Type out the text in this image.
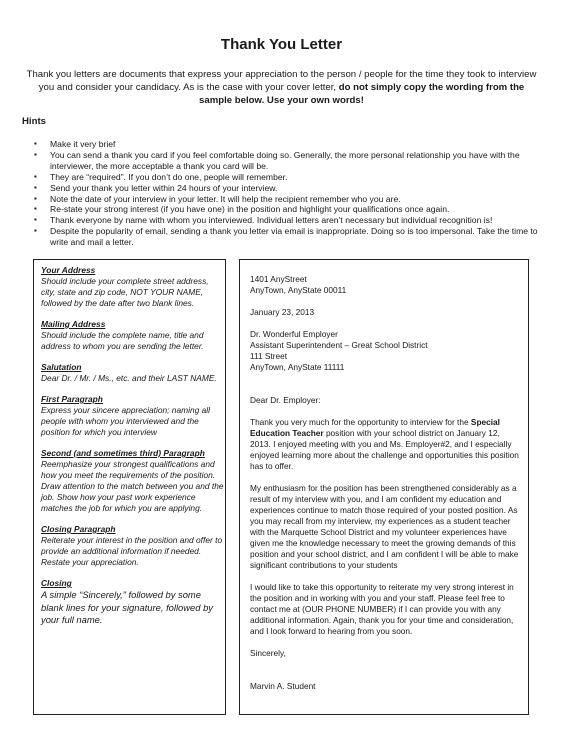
Thank You Letter
Thank you letters are documents that express your appreciation to the person / people for the time they took to interview you and consider your candidacy. As is the case with your cover letter, do not simply copy the wording from the sample below. Use your own words!
Hints
▪ Make it very brief
▪ You can send a thank you card if you feel comfortable doing so. Generally, the more personal relationship you have with the interviewer, the more acceptable a thank you card will be.
▪ They are “required”. If you don’t do one, people will remember.
▪ Send your thank you letter within 24 hours of your interview.
▪ Note the date of your interview in your letter. It will help the recipient remember who you are.
▪ Re-state your strong interest (if you have one) in the position and highlight your qualifications once again.
▪ Thank everyone by name with whom you interviewed. Individual letters aren’t necessary but individual recognition is!
▪ Despite the popularity of email, sending a thank you letter via email is inappropriate. Doing so is too impersonal. Take the time to write and mail a letter.
Your Address
Should include your complete street address, city, state and zip code, NOT YOUR NAME, followed by the date after two blank lines.
Mailing Address
Should include the complete name, title and address to whom you are sending the letter.
Salutation
Dear Dr. / Mr. / Ms., etc. and their LAST NAME.
First Paragraph
Express your sincere appreciation; naming all people with whom you interviewed and the position for which you interview
Second (and sometimes third) Paragraph
Reemphasize your strongest qualifications and how you meet the requirements of the position. Draw attention to the match between you and the job. Show how your past work experience matches the job for which you are applying.
Closing Paragraph
Reiterate your interest in the position and offer to provide an additional information if needed. Restate your appreciation.
Closing
A simple “Sincerely,” followed by some blank lines for your signature, followed by your full name.

1401 AnyStreet

AnyTown, AnyState 00011

January 23, 2013

Dr. Wonderful Employer

Assistant Superintendent – Great School District

111 Street

AnyTown, AnyState 11111

Dear Dr. Employer:

Thank you very much for the opportunity to interview for the Special Education Teacher position with your school district on January 12, 2013. I enjoyed meeting with you and Ms. Employer#2, and I especially enjoyed learning more about the challenge and opportunities this position has to offer.

My enthusiasm for the position has been strengthened considerably as a result of my interview with you, and I am confident my education and experiences continue to match those required of your posted position. As you may recall from my interview, my experiences as a student teacher with the Marquette School District and my volunteer experiences have given me the knowledge necessary to meet the growing demands of this position and your school district, and I am confident I will be able to make significant contributions to your students

I would like to take this opportunity to reiterate my very strong interest in the position and in working with you and your staff. Please feel free to contact me at (OUR PHONE NUMBER) if I can provide you with any additional information. Again, thank you for your time and consideration, and I look forward to hearing from you soon.

Sincerely,

Marvin A. Student
